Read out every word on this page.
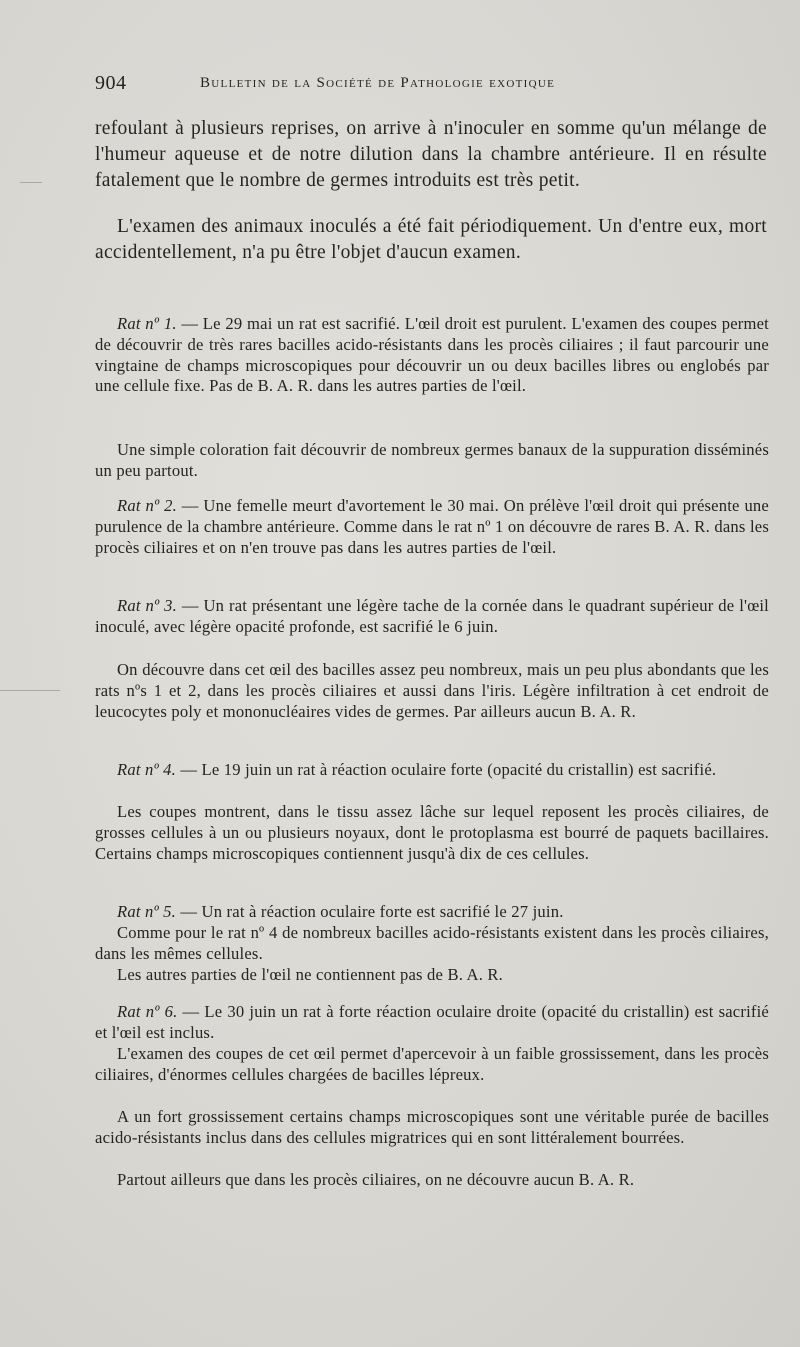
904	Bulletin de la Société de Pathologie exotique

refoulant à plusieurs reprises, on arrive à n'inoculer en somme qu'un mélange de l'humeur aqueuse et de notre dilution dans la chambre antérieure. Il en résulte fatalement que le nombre de germes introduits est très petit.

L'examen des animaux inoculés a été fait périodiquement. Un d'entre eux, mort accidentellement, n'a pu être l'objet d'aucun examen.

Rat nº 1. — Le 29 mai un rat est sacrifié. L'œil droit est purulent. L'examen des coupes permet de découvrir de très rares bacilles acido-résistants dans les procès ciliaires ; il faut parcourir une vingtaine de champs microscopiques pour découvrir un ou deux bacilles libres ou englobés par une cellule fixe. Pas de B. A. R. dans les autres parties de l'œil.

Une simple coloration fait découvrir de nombreux germes banaux de la suppuration disséminés un peu partout.

Rat nº 2. — Une femelle meurt d'avortement le 30 mai. On prélève l'œil droit qui présente une purulence de la chambre antérieure. Comme dans le rat nº 1 on découvre de rares B. A. R. dans les procès ciliaires et on n'en trouve pas dans les autres parties de l'œil.

Rat nº 3. — Un rat présentant une légère tache de la cornée dans le quadrant supérieur de l'œil inoculé, avec légère opacité profonde, est sacrifié le 6 juin.

On découvre dans cet œil des bacilles assez peu nombreux, mais un peu plus abondants que les rats nºs 1 et 2, dans les procès ciliaires et aussi dans l'iris. Légère infiltration à cet endroit de leucocytes poly et mononucléaires vides de germes. Par ailleurs aucun B. A. R.

Rat nº 4. — Le 19 juin un rat à réaction oculaire forte (opacité du cristallin) est sacrifié.

Les coupes montrent, dans le tissu assez lâche sur lequel reposent les procès ciliaires, de grosses cellules à un ou plusieurs noyaux, dont le protoplasma est bourré de paquets bacillaires. Certains champs microscopiques contiennent jusqu'à dix de ces cellules.

Rat nº 5. — Un rat à réaction oculaire forte est sacrifié le 27 juin.

Comme pour le rat nº 4 de nombreux bacilles acido-résistants existent dans les procès ciliaires, dans les mêmes cellules.

Les autres parties de l'œil ne contiennent pas de B. A. R.

Rat nº 6. — Le 30 juin un rat à forte réaction oculaire droite (opacité du cristallin) est sacrifié et l'œil est inclus.

L'examen des coupes de cet œil permet d'apercevoir à un faible grossissement, dans les procès ciliaires, d'énormes cellules chargées de bacilles lépreux.

A un fort grossissement certains champs microscopiques sont une véritable purée de bacilles acido-résistants inclus dans des cellules migratrices qui en sont littéralement bourrées.

Partout ailleurs que dans les procès ciliaires, on ne découvre aucun B. A. R.
